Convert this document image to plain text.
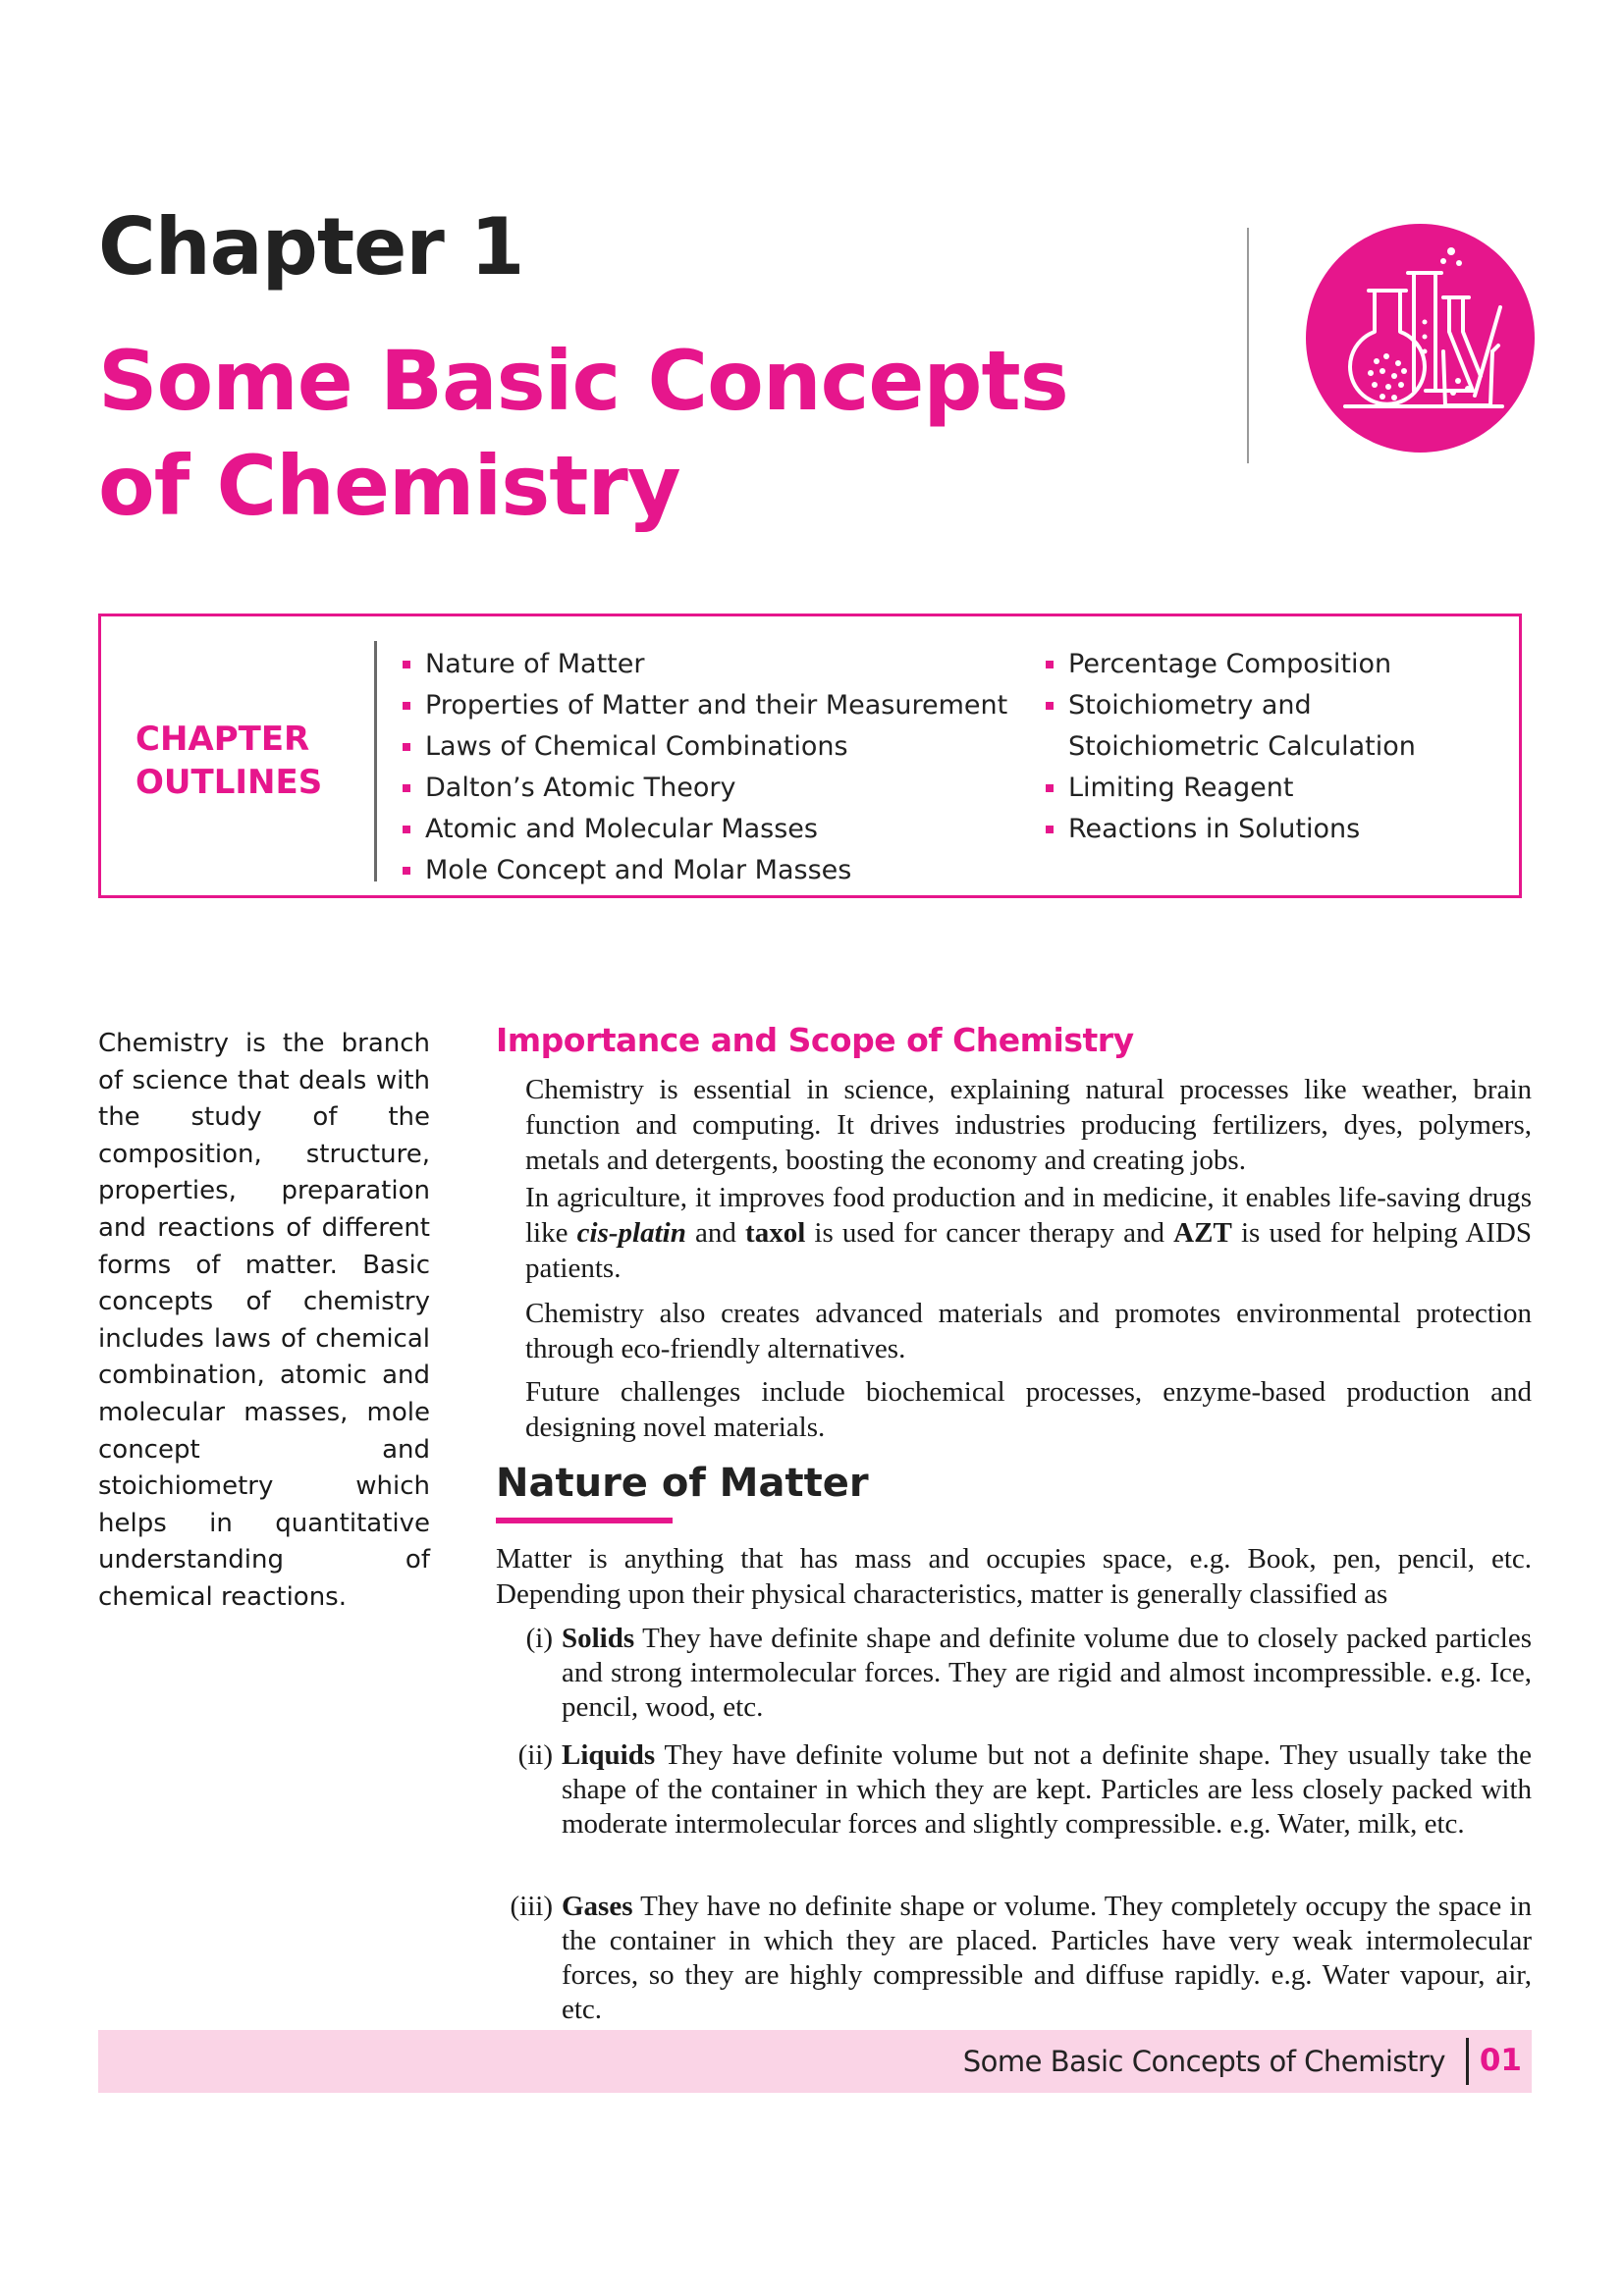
Chapter 1
Some Basic Concepts
of Chemistry
CHAPTER
OUTLINES
Nature of Matter
Properties of Matter and their Measurement
Laws of Chemical Combinations
Dalton’s Atomic Theory
Atomic and Molecular Masses
Mole Concept and Molar Masses
Percentage Composition
Stoichiometry and Stoichiometric Calculation
Limiting Reagent
Reactions in Solutions

Chemistry is the branch of science that deals with the study of the composition, structure, properties, preparation and reactions of different forms of matter. Basic concepts of chemistry includes laws of chemical combination, atomic and molecular masses, mole concept and stoichiometry which helps in quantitative understanding of chemical reactions.

Importance and Scope of Chemistry

Chemistry is essential in science, explaining natural processes like weather, brain function and computing. It drives industries producing fertilizers, dyes, polymers, metals and detergents, boosting the economy and creating jobs.

In agriculture, it improves food production and in medicine, it enables life-saving drugs like cis-platin and taxol is used for cancer therapy and AZT is used for helping AIDS patients.

Chemistry also creates advanced materials and promotes environmental protection through eco-friendly alternatives.

Future challenges include biochemical processes, enzyme-based production and designing novel materials.

Nature of Matter

Matter is anything that has mass and occupies space, e.g. Book, pen, pencil, etc. Depending upon their physical characteristics, matter is generally classified as

(i) Solids They have definite shape and definite volume due to closely packed particles and strong intermolecular forces. They are rigid and almost incompressible. e.g. Ice, pencil, wood, etc.
(ii) Liquids They have definite volume but not a definite shape. They usually take the shape of the container in which they are kept. Particles are less closely packed with moderate intermolecular forces and slightly compressible. e.g. Water, milk, etc.
(iii) Gases They have no definite shape or volume. They completely occupy the space in the container in which they are placed. Particles have very weak intermolecular forces, so they are highly compressible and diffuse rapidly. e.g. Water vapour, air, etc.
Some Basic Concepts of Chemistry 01
